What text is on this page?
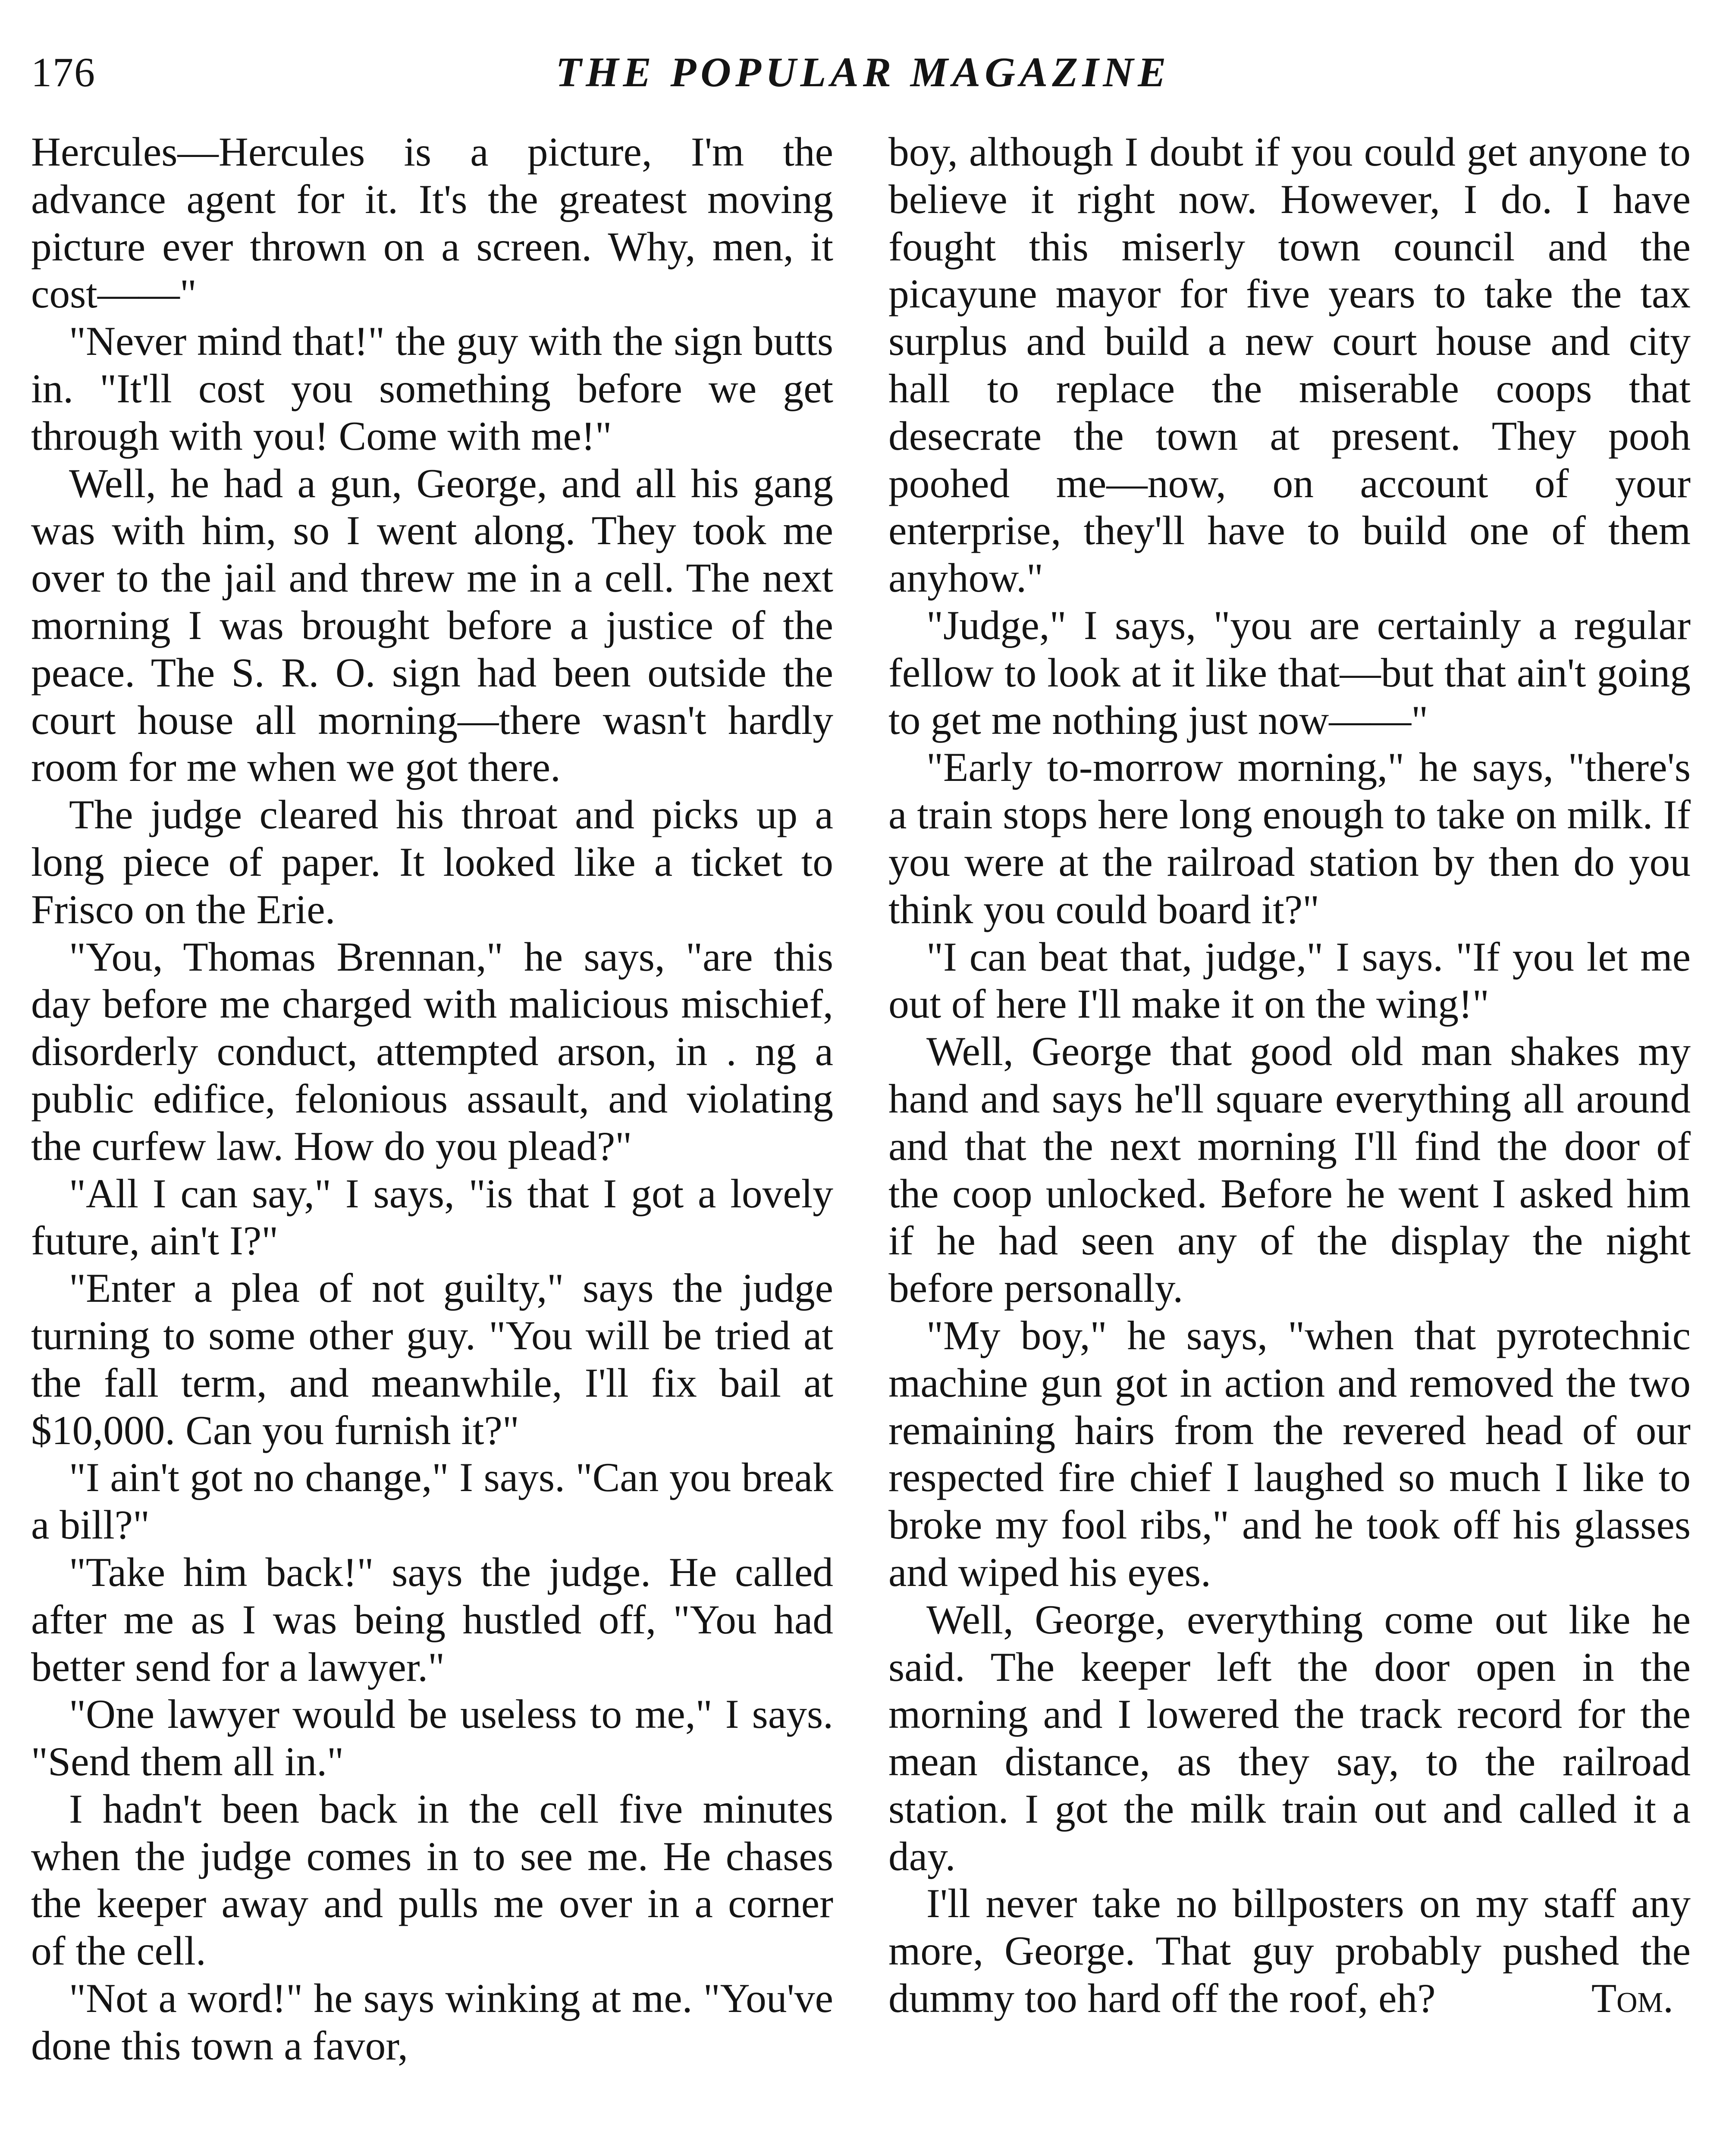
176	THE POPULAR MAGAZINE

Hercules—Hercules is a picture, I'm the advance agent for it. It's the greatest moving picture ever thrown on a screen. Why, men, it cost——"

"Never mind that!" the guy with the sign butts in. "It'll cost you something before we get through with you! Come with me!"

Well, he had a gun, George, and all his gang was with him, so I went along. They took me over to the jail and threw me in a cell. The next morning I was brought before a justice of the peace. The S. R. O. sign had been outside the court house all morning—there wasn't hardly room for me when we got there.

The judge cleared his throat and picks up a long piece of paper. It looked like a ticket to Frisco on the Erie.

"You, Thomas Brennan," he says, "are this day before me charged with malicious mischief, disorderly conduct, attempted arson, in . ng a public edifice, felonious assault, and violating the curfew law. How do you plead?"

"All I can say," I says, "is that I got a lovely future, ain't I?"

"Enter a plea of not guilty," says the judge turning to some other guy. "You will be tried at the fall term, and meanwhile, I'll fix bail at $10,000. Can you furnish it?"

"I ain't got no change," I says. "Can you break a bill?"

"Take him back!" says the judge. He called after me as I was being hustled off, "You had better send for a lawyer."

"One lawyer would be useless to me," I says. "Send them all in."

I hadn't been back in the cell five minutes when the judge comes in to see me. He chases the keeper away and pulls me over in a corner of the cell.

"Not a word!" he says winking at me. "You've done this town a favor,

boy, although I doubt if you could get anyone to believe it right now. However, I do. I have fought this miserly town council and the picayune mayor for five years to take the tax surplus and build a new court house and city hall to replace the miserable coops that desecrate the town at present. They pooh poohed me—now, on account of your enterprise, they'll have to build one of them anyhow."

"Judge," I says, "you are certainly a regular fellow to look at it like that—but that ain't going to get me nothing just now——"

"Early to-morrow morning," he says, "there's a train stops here long enough to take on milk. If you were at the railroad station by then do you think you could board it?"

"I can beat that, judge," I says. "If you let me out of here I'll make it on the wing!"

Well, George that good old man shakes my hand and says he'll square everything all around and that the next morning I'll find the door of the coop unlocked. Before he went I asked him if he had seen any of the display the night before personally.

"My boy," he says, "when that pyrotechnic machine gun got in action and removed the two remaining hairs from the revered head of our respected fire chief I laughed so much I like to broke my fool ribs," and he took off his glasses and wiped his eyes.

Well, George, everything come out like he said. The keeper left the door open in the morning and I lowered the track record for the mean distance, as they say, to the railroad station. I got the milk train out and called it a day.

I'll never take no billposters on my staff any more, George. That guy probably pushed the dummy too hard off the roof, eh?	Tom.
